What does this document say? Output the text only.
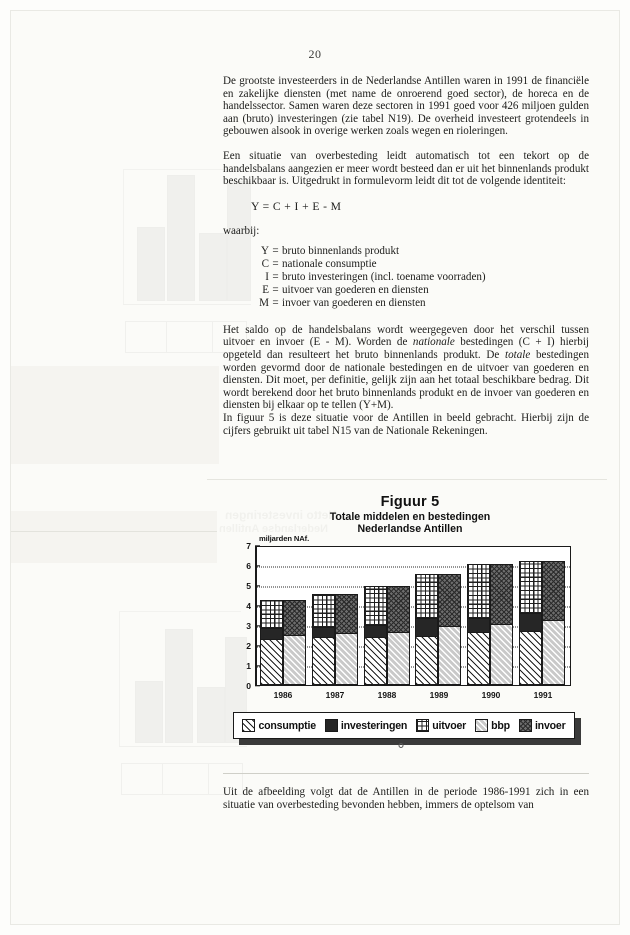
Netto investeringen
Nederlandse Antillen
20

De grootste investeerders in de Nederlandse Antillen waren in 1991 de financiële en zakelijke diensten (met name de onroerend goed sector), de horeca en de handelssector. Samen waren deze sectoren in 1991 goed voor 426 miljoen gulden aan (bruto) investeringen (zie tabel N19). De overheid investeert grotendeels in gebouwen alsook in overige werken zoals wegen en rioleringen.

Een situatie van overbesteding leidt automatisch tot een tekort op de handelsbalans aangezien er meer wordt besteed dan er uit het binnenlands produkt beschikbaar is. Uitgedrukt in formulevorm leidt dit tot de volgende identiteit:

Y = C + I + E - M
waarbij:
Y = bruto binnenlands produkt
C = nationale consumptie
I = bruto investeringen (incl. toename voorraden)
E = uitvoer van goederen en diensten
M = invoer van goederen en diensten

Het saldo op de handelsbalans wordt weergegeven door het verschil tussen uitvoer en invoer (E - M). Worden de nationale bestedingen (C + I) hierbij opgeteld dan resulteert het bruto binnenlands produkt. De totale bestedingen worden gevormd door de nationale bestedingen en de uitvoer van goederen en diensten. Dit moet, per definitie, gelijk zijn aan het totaal beschikbare bedrag. Dit wordt berekend door het bruto binnenlands produkt en de invoer van goederen en diensten bij elkaar op te tellen (Y+M).

In figuur 5 is deze situatie voor de Antillen in beeld gebracht. Hierbij zijn de cijfers gebruikt uit tabel N15 van de Nationale Rekeningen.

Figuur 5
Totale middelen en bestedingen
Nederlandse Antillen
miljarden NAf.
0
1
2
3
4
5
6
7
1986	1987	1988	1989	1990	1991
consumptie investeringen uitvoer bbp invoer

Uit de afbeelding volgt dat de Antillen in de periode 1986-1991 zich in een situatie van overbesteding bevonden hebben, immers de optelsom van
